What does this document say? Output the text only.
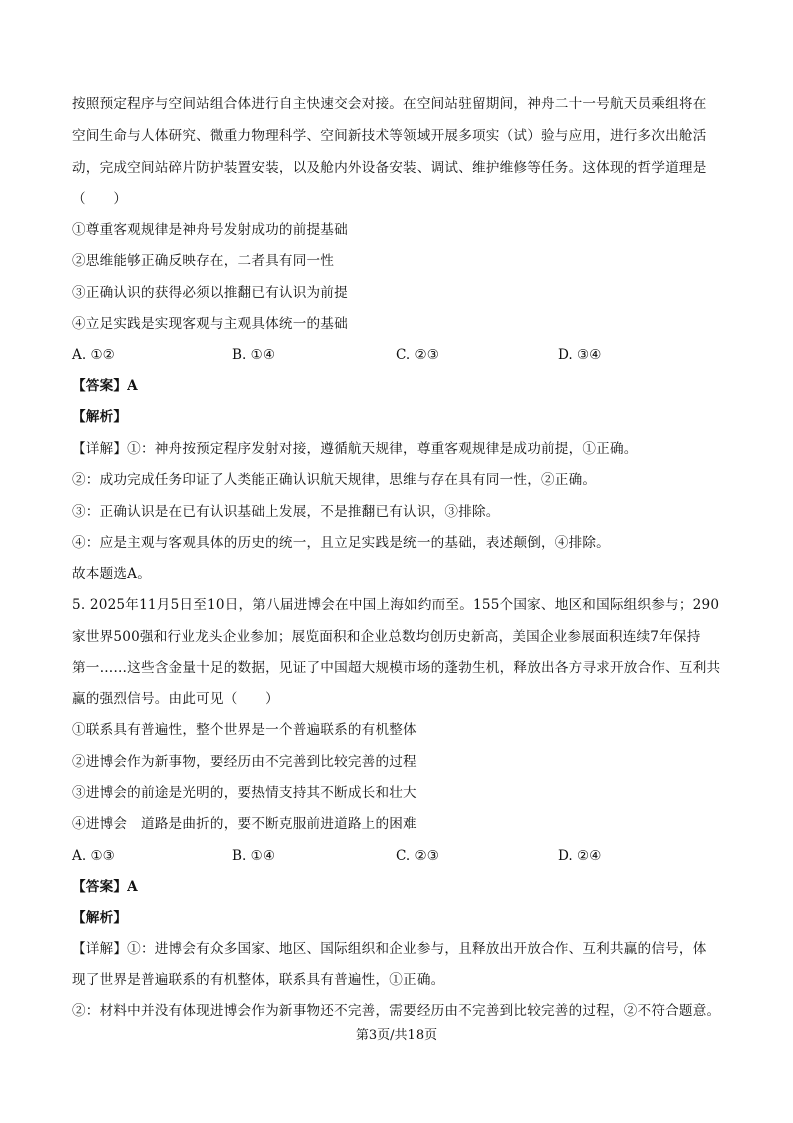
按照预定程序与空间站组合体进行自主快速交会对接。在空间站驻留期间，神舟二十一号航天员乘组将在
空间生命与人体研究、微重力物理科学、空间新技术等领域开展多项实（试）验与应用，进行多次出舱活
动，完成空间站碎片防护装置安装，以及舱内外设备安装、调试、维护维修等任务。这体现的哲学道理是
（　　）
①尊重客观规律是神舟号发射成功的前提基础
②思维能够正确反映存在，二者具有同一性
③正确认识的获得必须以推翻已有认识为前提
④立足实践是实现客观与主观具体统一的基础
A. ①②	B. ①④	C. ②③	D. ③④
【答案】A
【解析】
【详解】①：神舟按预定程序发射对接，遵循航天规律，尊重客观规律是成功前提，①正确。
②：成功完成任务印证了人类能正确认识航天规律，思维与存在具有同一性，②正确。
③：正确认识是在已有认识基础上发展，不是推翻已有认识，③排除。
④：应是主观与客观具体的历史的统一，且立足实践是统一的基础，表述颠倒，④排除。
故本题选A。
5. 2025年11月5日至10日，第八届进博会在中国上海如约而至。155个国家、地区和国际组织参与；290
家世界500强和行业龙头企业参加；展览面积和企业总数均创历史新高，美国企业参展面积连续7年保持
第一……这些含金量十足的数据，见证了中国超大规模市场的蓬勃生机，释放出各方寻求开放合作、互利共
赢的强烈信号。由此可见（　　）
①联系具有普遍性，整个世界是一个普遍联系的有机整体
②进博会作为新事物，要经历由不完善到比较完善的过程
③进博会的前途是光明的，要热情支持其不断成长和壮大
④进博会　道路是曲折的，要不断克服前进道路上的困难
A. ①③	B. ①④	C. ②③	D. ②④
【答案】A
【解析】
【详解】①：进博会有众多国家、地区、国际组织和企业参与，且释放出开放合作、互利共赢的信号，体
现了世界是普遍联系的有机整体，联系具有普遍性，①正确。
②：材料中并没有体现进博会作为新事物还不完善，需要经历由不完善到比较完善的过程，②不符合题意。
第3页/共18页
